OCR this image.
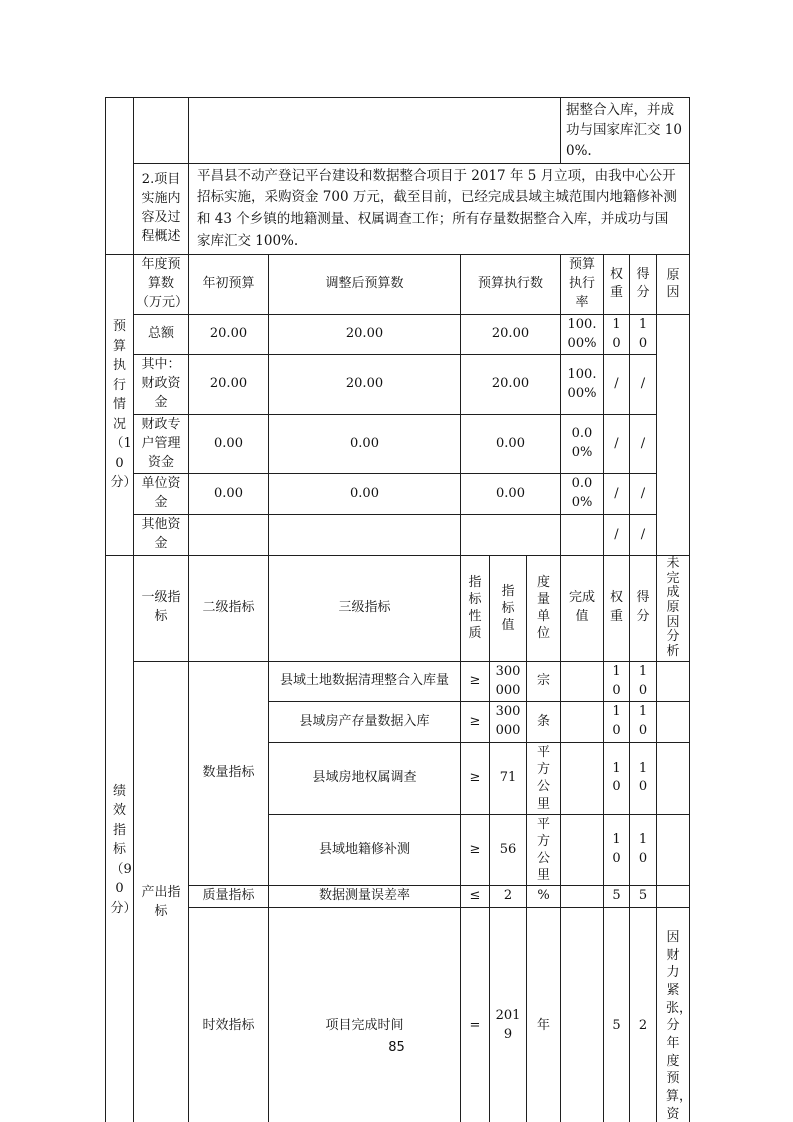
							据整合入库，并成功与国家库汇交 100%.			
	2.项目实施内容及过程概述	平昌县不动产登记平台建设和数据整合项目于 2017 年 5 月立项，由我中心公开招标实施，采购资金 700 万元，截至目前，已经完成县域主城范围内地籍修补测和 43 个乡镇的地籍测量、权属调查工作；所有存量数据整合入库，并成功与国家库汇交 100%.								

预算执行情况（10分）	年度预算数（万元）	年初预算	调整后预算数	预算执行数			预算执行率	权重	得分	原因

	总额	20.00	20.00	20.00			100.00%	10	10	

	其中：财政资金	20.00	20.00	20.00			100.00%	/	/	

	财政专户管理资金	0.00	0.00	0.00			0.00%	/	/	

	单位资金	0.00	0.00	0.00			0.00%	/	/	

	其他资金							/	/	

绩效指标（90分）	一级指标	二级指标	三级指标	指标性质	指标值	度量单位	完成值	权重	得分	未完成原因分析

	产出指标	数量指标	县域土地数据清理整合入库量	≥	300000	宗		10	10	

			县域房产存量数据入库	≥	300000	条		10	10	

			县域房地权属调查	≥	71	平方公里		10	10	

			县域地籍修补测	≥	56	平方公里		10	10	

		质量指标	数据测量误差率	≤	2	%		5	5	

		时效指标	项目完成时间	=	2019	年		5	2	因财力紧张，分年度预算，资
85
